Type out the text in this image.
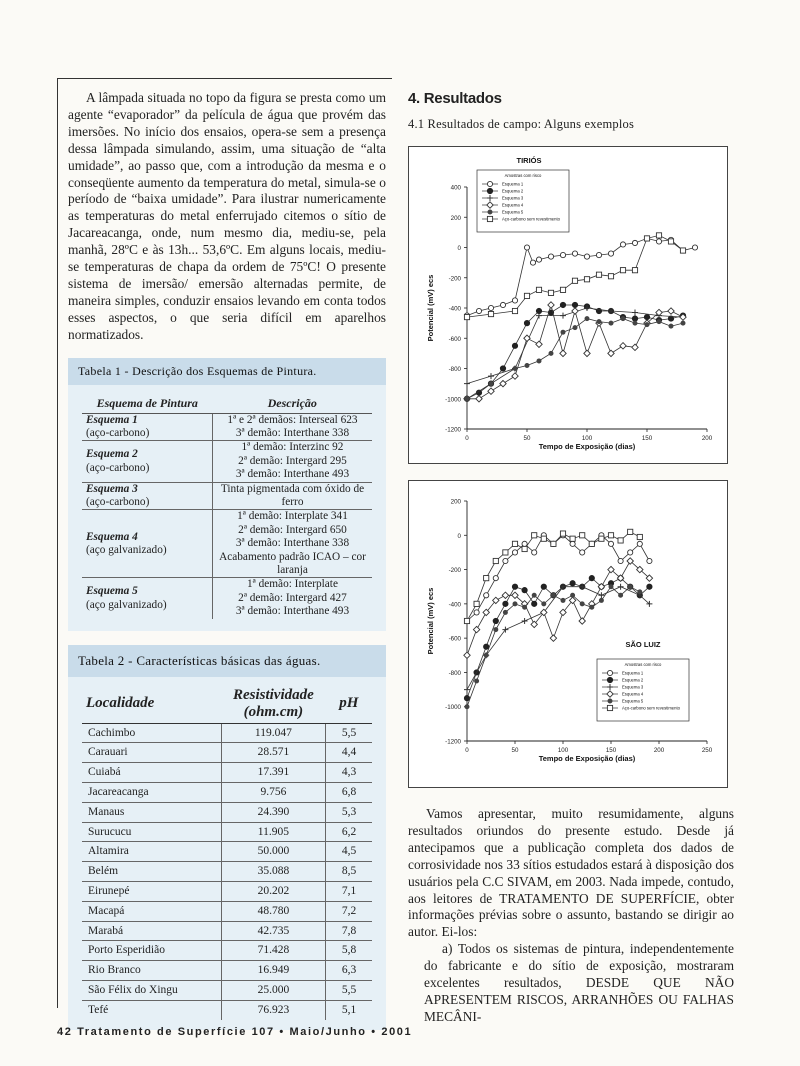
A lâmpada situada no topo da figura se presta como um agente “evaporador” da película de água que provém das imersões. No início dos ensaios, opera-se sem a presença dessa lâmpada simulando, assim, uma situação de “alta umidade”, ao passo que, com a introdução da mesma e o conseqüente aumento da temperatura do metal, simula-se o período de “baixa umidade”. Para ilustrar numericamente as temperaturas do metal enferrujado citemos o sítio de Jacareacanga, onde, num mesmo dia, mediu-se, pela manhã, 28ºC e às 13h... 53,6ºC. Em alguns locais, mediu-se temperaturas de chapa da ordem de 75ºC! O presente sistema de imersão/ emersão alternadas permite, de maneira simples, conduzir ensaios levando em conta todos esses aspectos, o que seria difícil em aparelhos normatizados.

Tabela 1 - Descrição dos Esquemas de Pintura.
Esquema de Pintura	Descrição

Esquema 1
(aço-carbono)	1ª e 2ª demãos: Interseal 623
	3ª demão: Interthane 338

Esquema 2
(aço-carbono)	1ª demão: Interzinc 92
	2ª demão: Intergard 295
	3ª demão: Interthane 493

Esquema 3
(aço-carbono)	Tinta pigmentada com óxido de ferro

Esquema 4
(aço galvanizado)	1ª demão: Interplate 341
	2ª demão: Intergard 650
	3ª demão: Interthane 338
	Acabamento padrão ICAO – cor laranja

Esquema 5
(aço galvanizado)	1ª demão: Interplate
	2ª demão: Intergard 427
	3ª demão: Interthane 493
Tabela 2 - Características básicas das águas.
Localidade	Resistividade (ohm.cm)	pH
Cachimbo	119.047	5,5
Carauari	28.571	4,4
Cuiabá	17.391	4,3
Jacareacanga	9.756	6,8
Manaus	24.390	5,3
Surucucu	11.905	6,2
Altamira	50.000	4,5
Belém	35.088	8,5
Eirunepé	20.202	7,1
Macapá	48.780	7,2
Marabá	42.735	7,8
Porto Esperidião	71.428	5,8
Rio Branco	16.949	6,3
São Félix do Xingu	25.000	5,5
Tefé	76.923	5,1
4. Resultados
4.1 Resultados de campo: Alguns exemplos
400
200
0
-200
-400
-600
-800
-1000
-1200
0	50	100	150	200
Tempo de Exposição (dias)
Potencial (mV) ecs
TIRIÓS
Amostras com risco
Esquema 1
Esquema 2
Esquema 3
Esquema 4
Esquema 5
Aço-carbono sem revestimento
200
0
-200
-400
-600
-800
-1000
-1200
0	50	100	150	200	250
Tempo de Exposição (dias)
Potencial (mV) ecs	SÃO LUIZ
Amostras com risco
Esquema 1
Esquema 2
Esquema 3
Esquema 4
Esquema 5
Aço-carbono sem revestimento

Vamos apresentar, muito resumidamente, alguns resultados oriundos do presente estudo. Desde já antecipamos que a publicação completa dos dados de corrosividade nos 33 sítios estudados estará à disposição dos usuários pela C.C SIVAM, em 2003. Nada impede, contudo, aos leitores de TRATAMENTO DE SUPERFÍCIE, obter informações prévias sobre o assunto, bastando se dirigir ao autor. Ei-los:

a) Todos os sistemas de pintura, independentemente do fabricante e do sítio de exposição, mostraram excelentes resultados, DESDE QUE NÃO APRESENTEM RISCOS, ARRANHÕES OU FALHAS MECÂNI-

42 Tratamento de Superfície 107 • Maio/Junho • 2001
